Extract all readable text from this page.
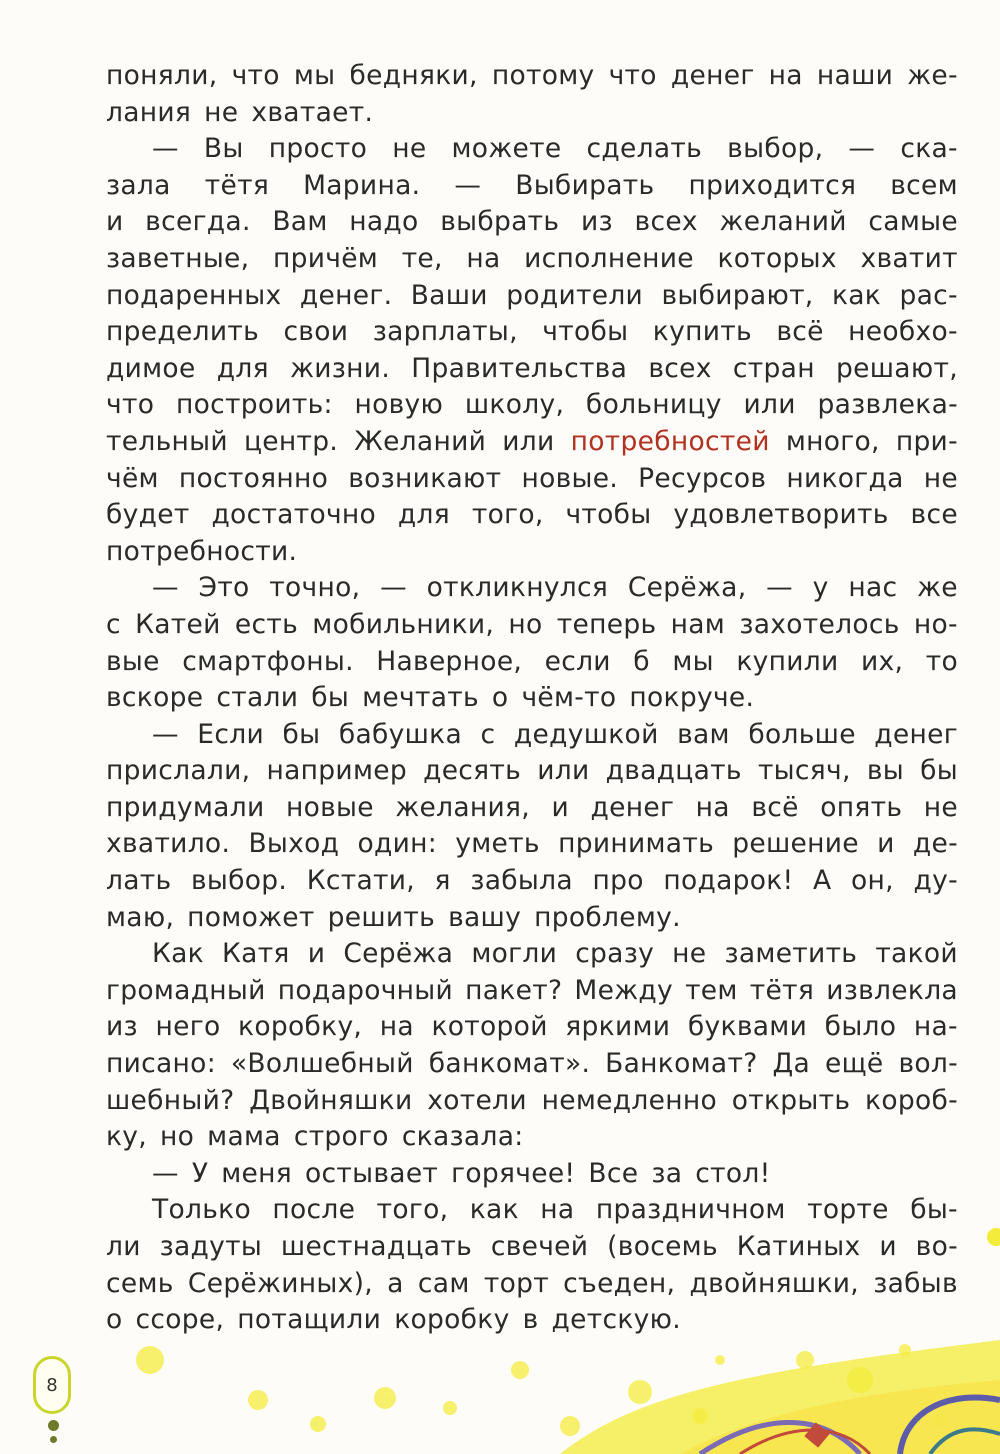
поняли, что мы бедняки, потому что денег на наши же-
лания не хватает.
— Вы просто не можете сделать выбор, — ска-
зала тётя Марина. — Выбирать приходится всем
и всегда. Вам надо выбрать из всех желаний самые
заветные, причём те, на исполнение которых хватит
подаренных денег. Ваши родители выбирают, как рас-
пределить свои зарплаты, чтобы купить всё необхо-
димое для жизни. Правительства всех стран решают,
что построить: новую школу, больницу или развлека-
тельный центр. Желаний или потребностей много, при-
чём постоянно возникают новые. Ресурсов никогда не
будет достаточно для того, чтобы удовлетворить все
потребности.
— Это точно, — откликнулся Серёжа, — у нас же
с Катей есть мобильники, но теперь нам захотелось но-
вые смартфоны. Наверное, если б мы купили их, то
вскоре стали бы мечтать о чём-то покруче.
— Если бы бабушка с дедушкой вам больше денег
прислали, например десять или двадцать тысяч, вы бы
придумали новые желания, и денег на всё опять не
хватило. Выход один: уметь принимать решение и де-
лать выбор. Кстати, я забыла про подарок! А он, ду-
маю, поможет решить вашу проблему.
Как Катя и Серёжа могли сразу не заметить такой
громадный подарочный пакет? Между тем тётя извлекла
из него коробку, на которой яркими буквами было на-
писано: «Волшебный банкомат». Банкомат? Да ещё вол-
шебный? Двойняшки хотели немедленно открыть короб-
ку, но мама строго сказала:
— У меня остывает горячее! Все за стол!
Только после того, как на праздничном торте бы-
ли задуты шестнадцать свечей (восемь Катиных и во-
семь Серёжиных), а сам торт съеден, двойняшки, забыв
о ссоре, потащили коробку в детскую.
8
